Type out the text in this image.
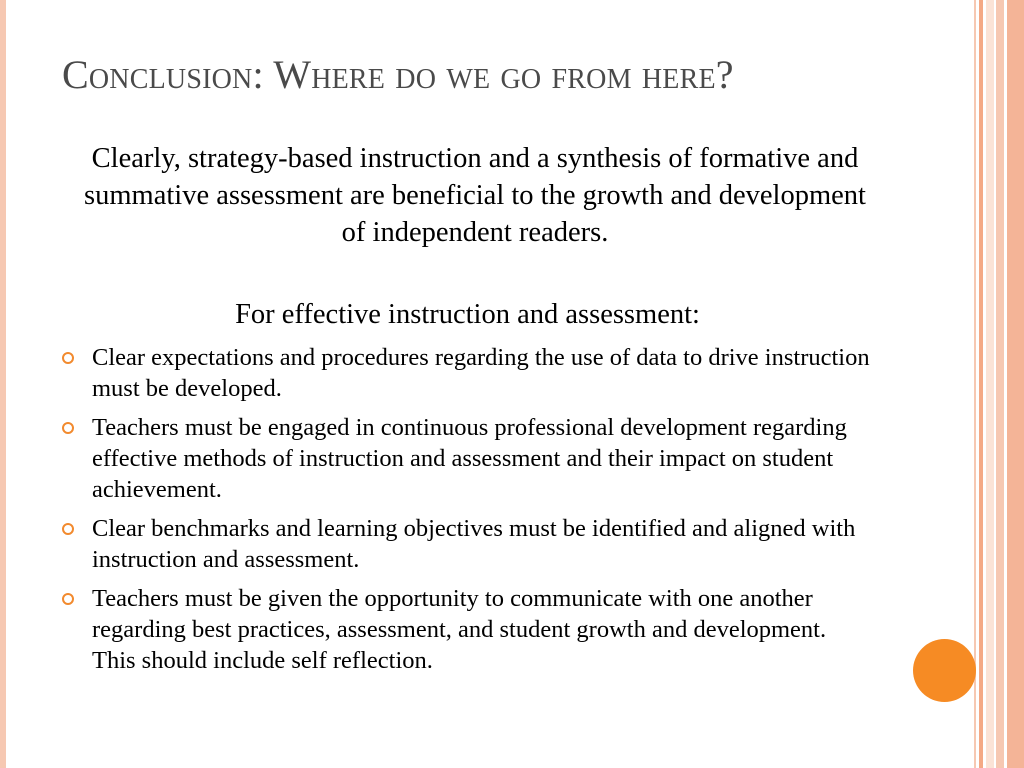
Conclusion: Where do we go from here?

Clearly, strategy-based instruction and a synthesis of formative and summative assessment are beneficial to the growth and development of independent readers.

For effective instruction and assessment:

Clear expectations and procedures regarding the use of data to drive instruction must be developed.
Teachers must be engaged in continuous professional development regarding effective methods of instruction and assessment and their impact on student achievement.
Clear benchmarks and learning objectives must be identified and aligned with instruction and assessment.
Teachers must be given the opportunity to communicate with one another regarding best practices, assessment, and student growth and development. This should include self reflection.
